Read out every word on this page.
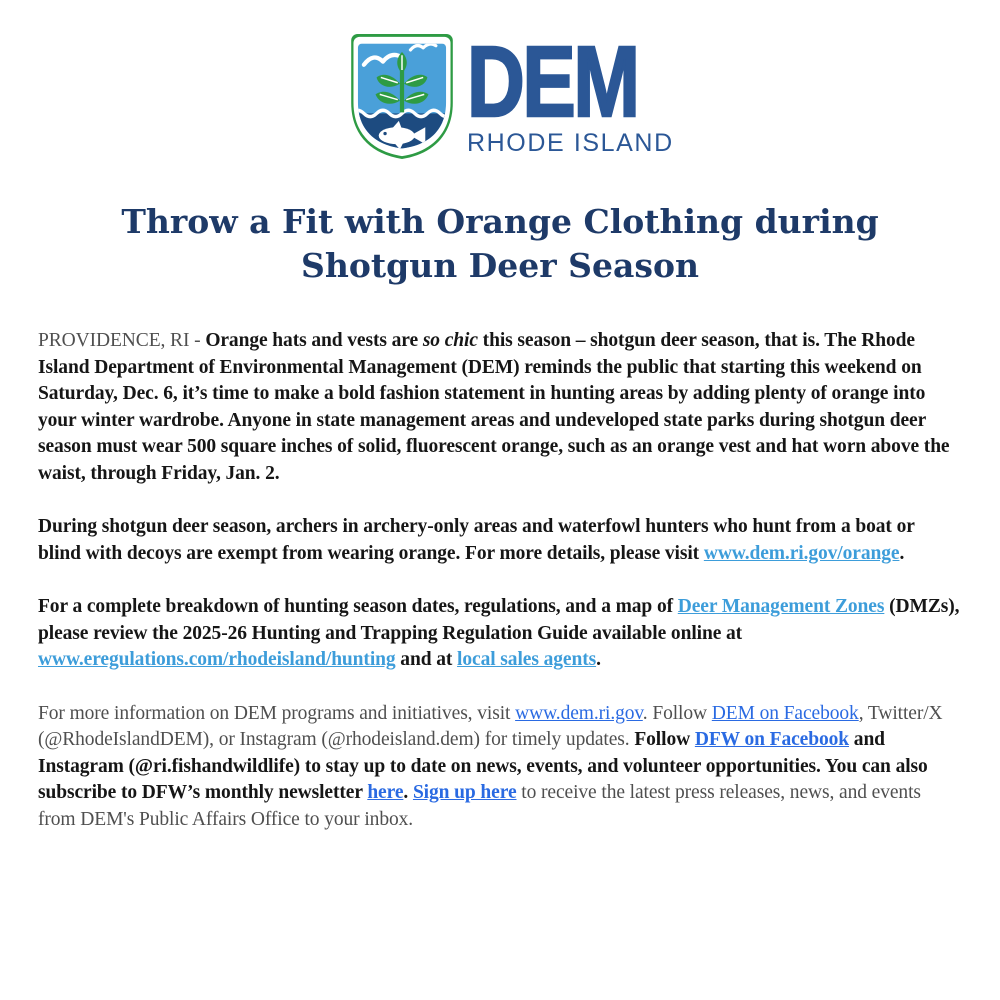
DEM
RHODE ISLAND
Throw a Fit with Orange Clothing during
Shotgun Deer Season

PROVIDENCE, RI - Orange hats and vests are so chic this season – shotgun deer season, that is. The Rhode Island Department of Environmental Management (DEM) reminds the public that starting this weekend on Saturday, Dec. 6, it’s time to make a bold fashion statement in hunting areas by adding plenty of orange into your winter wardrobe. Anyone in state management areas and undeveloped state parks during shotgun deer season must wear 500 square inches of solid, fluorescent orange, such as an orange vest and hat worn above the waist, through Friday, Jan. 2.

During shotgun deer season, archers in archery-only areas and waterfowl hunters who hunt from a boat or blind with decoys are exempt from wearing orange. For more details, please visit www.dem.ri.gov/orange.

For a complete breakdown of hunting season dates, regulations, and a map of Deer Management Zones (DMZs), please review the 2025-26 Hunting and Trapping Regulation Guide available online at www.eregulations.com/rhodeisland/hunting and at local sales agents.

For more information on DEM programs and initiatives, visit www.dem.ri.gov. Follow DEM on Facebook, Twitter/X (@RhodeIslandDEM), or Instagram (@rhodeisland.dem) for timely updates. Follow DFW on Facebook and Instagram (@ri.fishandwildlife) to stay up to date on news, events, and volunteer opportunities. You can also subscribe to DFW’s monthly newsletter here. Sign up here to receive the latest press releases, news, and events from DEM's Public Affairs Office to your inbox.
